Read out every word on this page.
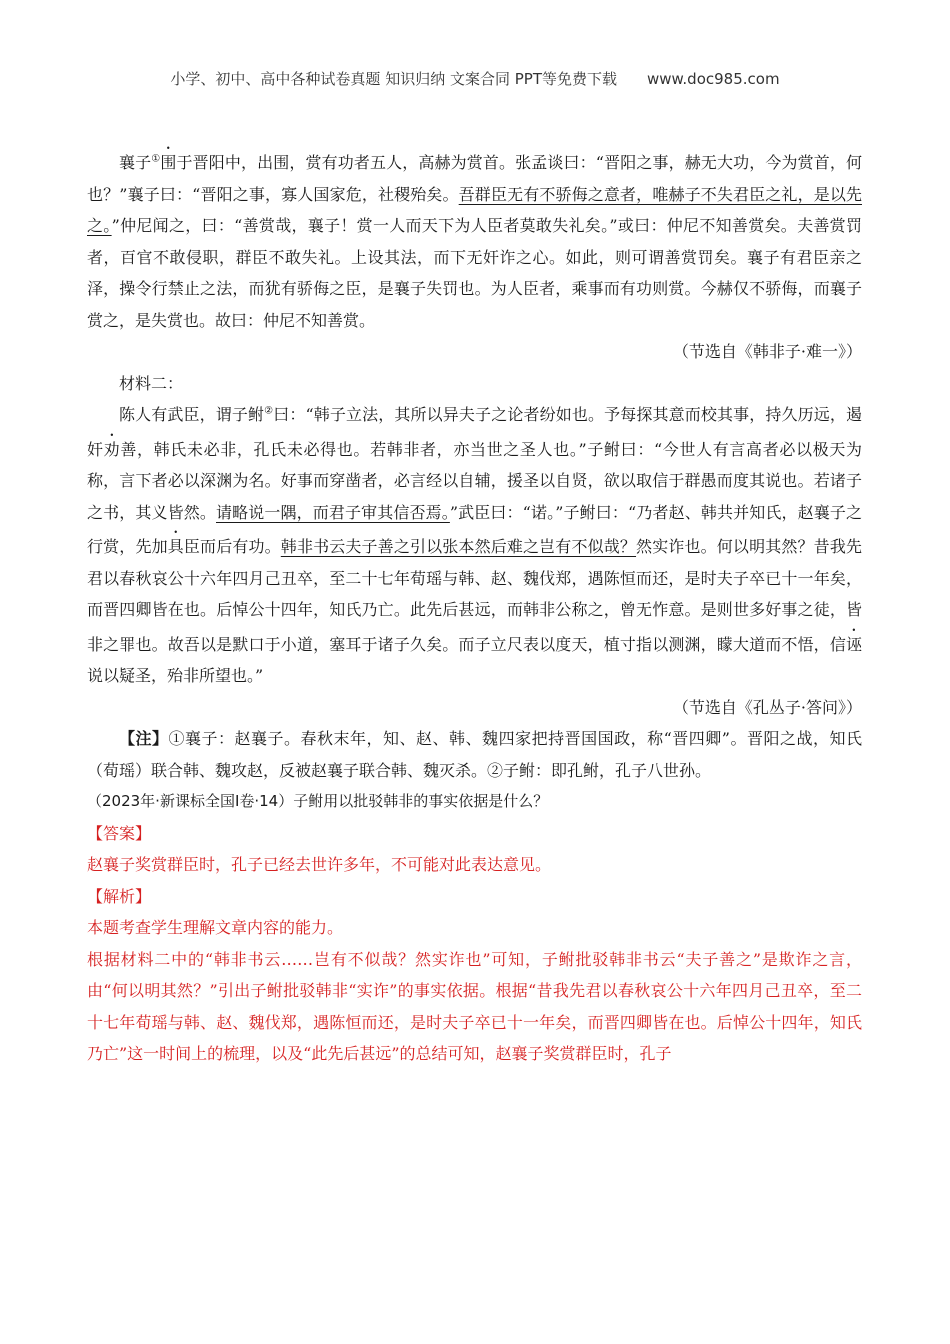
小学、初中、高中各种试卷真题 知识归纳 文案合同 PPT等免费下载　　www.doc985.com

襄子①围于晋阳中，出围，赏有功者五人，高赫为赏首。张孟谈曰：“晋阳之事，赫无大功，今为赏首，何也？”襄子曰：“晋阳之事，寡人国家危，社稷殆矣。吾群臣无有不骄侮之意者，唯赫子不失君臣之礼，是以先之。”仲尼闻之，曰：“善赏哉，襄子！赏一人而天下为人臣者莫敢失礼矣。”或曰：仲尼不知善赏矣。夫善赏罚者，百官不敢侵职，群臣不敢失礼。上设其法，而下无奸诈之心。如此，则可谓善赏罚矣。襄子有君臣亲之泽，操令行禁止之法，而犹有骄侮之臣，是襄子失罚也。为人臣者，乘事而有功则赏。今赫仅不骄侮，而襄子赏之，是失赏也。故曰：仲尼不知善赏。

（节选自《韩非子·难一》）

材料二：

陈人有武臣，谓子鲋②曰：“韩子立法，其所以异夫子之论者纷如也。予每探其意而校其事，持久历远，遏奸劝善，韩氏未必非，孔氏未必得也。若韩非者，亦当世之圣人也。”子鲋曰：“今世人有言高者必以极天为称，言下者必以深渊为名。好事而穿凿者，必言经以自辅，援圣以自贤，欲以取信于群愚而度其说也。若诸子之书，其义皆然。请略说一隅，而君子审其信否焉。”武臣曰：“诺。”子鲋曰：“乃者赵、韩共并知氏，赵襄子之行赏，先加具臣而后有功。韩非书云夫子善之引以张本然后难之岂有不似哉？然实诈也。何以明其然？昔我先君以春秋哀公十六年四月己丑卒，至二十七年荀瑶与韩、赵、魏伐郑，遇陈恒而还，是时夫子卒已十一年矣，而晋四卿皆在也。后悼公十四年，知氏乃亡。此先后甚远，而韩非公称之，曾无怍意。是则世多好事之徒，皆非之罪也。故吾以是默口于小道，塞耳于诸子久矣。而子立尺表以度天，植寸指以测渊，矇大道而不悟，信诬说以疑圣，殆非所望也。”

（节选自《孔丛子·答问》）

【注】①襄子：赵襄子。春秋末年，知、赵、韩、魏四家把持晋国国政，称“晋四卿”。晋阳之战，知氏（荀瑶）联合韩、魏攻赵，反被赵襄子联合韩、魏灭杀。②子鲋：即孔鲋，孔子八世孙。

（2023年·新课标全国Ⅰ卷·14）子鲋用以批驳韩非的事实依据是什么？

【答案】

赵襄子奖赏群臣时，孔子已经去世许多年，不可能对此表达意见。

【解析】

本题考查学生理解文章内容的能力。

根据材料二中的“韩非书云……岂有不似哉？然实诈也”可知，子鲋批驳韩非书云“夫子善之”是欺诈之言，由“何以明其然？”引出子鲋批驳韩非“实诈”的事实依据。根据“昔我先君以春秋哀公十六年四月己丑卒，至二十七年荀瑶与韩、赵、魏伐郑，遇陈恒而还，是时夫子卒已十一年矣，而晋四卿皆在也。后悼公十四年，知氏乃亡”这一时间上的梳理，以及“此先后甚远”的总结可知，赵襄子奖赏群臣时，孔子
